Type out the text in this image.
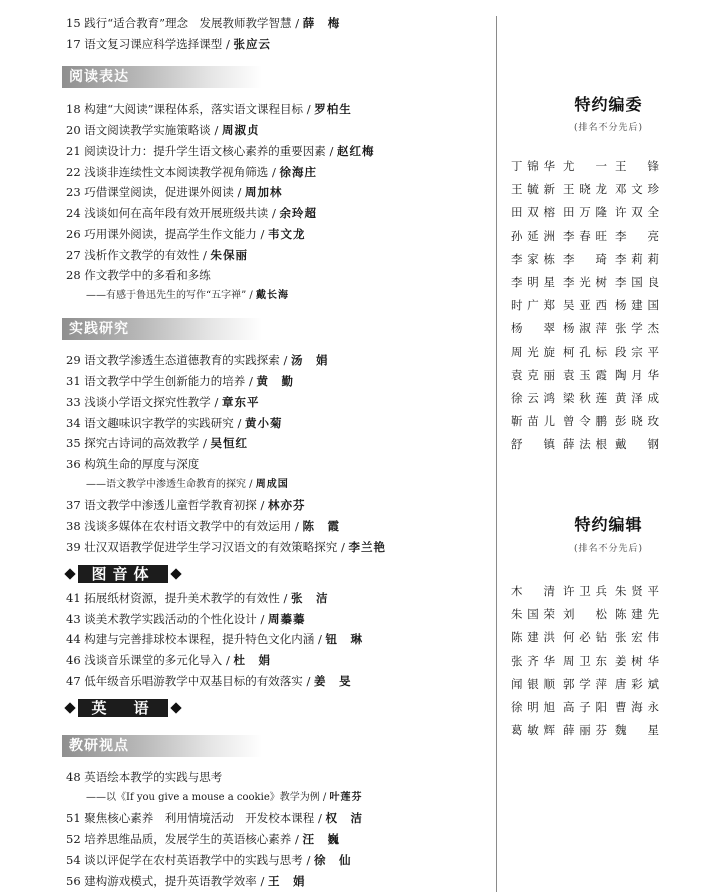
15 践行“适合教育”理念　发展教师教学智慧 / 薛　梅
17 语文复习课应科学选择课型 / 张应云
阅读表达
18 构建“大阅读”课程体系，落实语文课程目标 / 罗柏生
20 语文阅读教学实施策略谈 / 周淑贞
21 阅读设计力：提升学生语文核心素养的重要因素 / 赵红梅
22 浅谈非连续性文本阅读教学视角筛选 / 徐海庄
23 巧借课堂阅读，促进课外阅读 / 周加林
24 浅谈如何在高年段有效开展班级共读 / 余玲超
26 巧用课外阅读，提高学生作文能力 / 韦文龙
27 浅析作文教学的有效性 / 朱保丽
28 作文教学中的多看和多练
——有感于鲁迅先生的写作“五字禅” / 戴长海
实践研究
29 语文教学渗透生态道德教育的实践探索 / 汤　娟
31 语文教学中学生创新能力的培养 / 黄　勤
33 浅谈小学语文探究性教学 / 章东平
34 语文趣味识字教学的实践研究 / 黄小菊
35 探究古诗词的高效教学 / 吴恒红
36 构筑生命的厚度与深度
——语文教学中渗透生命教育的探究 / 周成国
37 语文教学中渗透儿童哲学教育初探 / 林亦芬
38 浅谈多媒体在农村语文教学中的有效运用 / 陈　霞
39 壮汉双语教学促进学生学习汉语文的有效策略探究 / 李兰艳
图音体
41 拓展纸材资源，提升美术教学的有效性 / 张　洁
43 谈美术教学实践活动的个性化设计 / 周蓁蓁
44 构建与完善排球校本课程，提升特色文化内涵 / 钮　琳
46 浅谈音乐课堂的多元化导入 / 杜　娟
47 低年级音乐唱游教学中双基目标的有效落实 / 姜　旻
英　语
教研视点
48 英语绘本教学的实践与思考
——以《If you give a mouse a cookie》教学为例 / 叶莲芬
51 聚焦核心素养　利用情境活动　开发校本课程 / 权　洁
52 培养思维品质，发展学生的英语核心素养 / 汪　巍
54 谈以评促学在农村英语教学中的实践与思考 / 徐　仙
56 建构游戏模式，提升英语教学效率 / 王　娟
特约编委
(排名不分先后)
丁锦华 尤　一 王　锋
王毓新 王晓龙 邓文珍
田双榕 田万隆 许双全
孙延洲 李春旺 李　亮
李家栋 李　琦 李莉莉
李明星 李光树 李国良
时广郑 吴亚西 杨建国
杨　翠 杨淑萍 张学杰
周光旋 柯孔标 段宗平
袁克丽 袁玉霞 陶月华
徐云鸿 梁秋莲 黄泽成
靳苗儿 曾令鹏 彭晓玫
舒　镇 薛法根 戴　钢
特约编辑
(排名不分先后)
木　清 许卫兵 朱贤平
朱国荣 刘　松 陈建先
陈建洪 何必钻 张宏伟
张齐华 周卫东 姜树华
闻银顺 郭学萍 唐彩斌
徐明旭 高子阳 曹海永
葛敏辉 薛丽芬 魏　星
